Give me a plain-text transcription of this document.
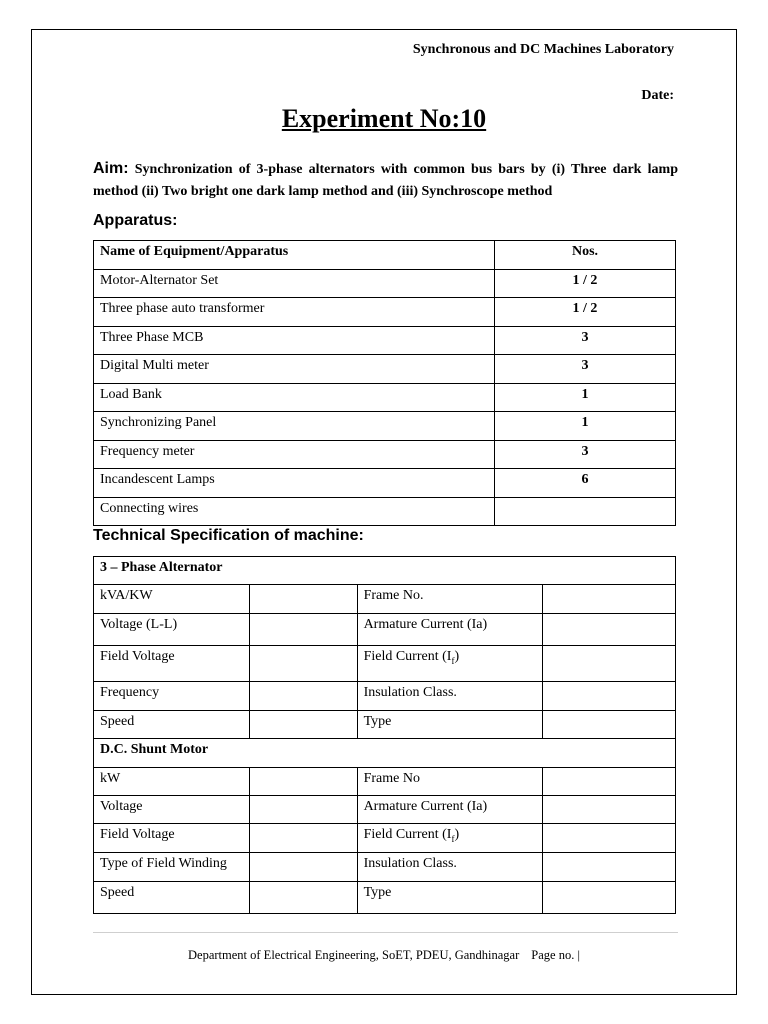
Synchronous and DC Machines Laboratory
Date:
Experiment No:10
Aim: Synchronization of 3-phase alternators with common bus bars by (i) Three dark lamp method (ii) Two bright one dark lamp method and (iii) Synchroscope method
Apparatus:
Name of Equipment/Apparatus	Nos.
Motor-Alternator Set	1 / 2
Three phase auto transformer	1 / 2
Three Phase MCB	3
Digital Multi meter	3
Load Bank	1
Synchronizing Panel	1
Frequency meter	3
Incandescent Lamps	6
Connecting wires	
Technical Specification of machine:
3 – Phase Alternator			
kVA/KW		Frame No.	
Voltage (L-L)		Armature Current (Ia)	
Field Voltage		Field Current $(I_f)$	
Frequency		Insulation Class.	
Speed		Type	
D.C. Shunt Motor			
kW		Frame No	
Voltage		Armature Current (Ia)	
Field Voltage		Field Current $(I_f)$	
Type of Field Winding		Insulation Class.	
Speed		Type	
Department of Electrical Engineering, SoET, PDEU, Gandhinagar Page no. |
